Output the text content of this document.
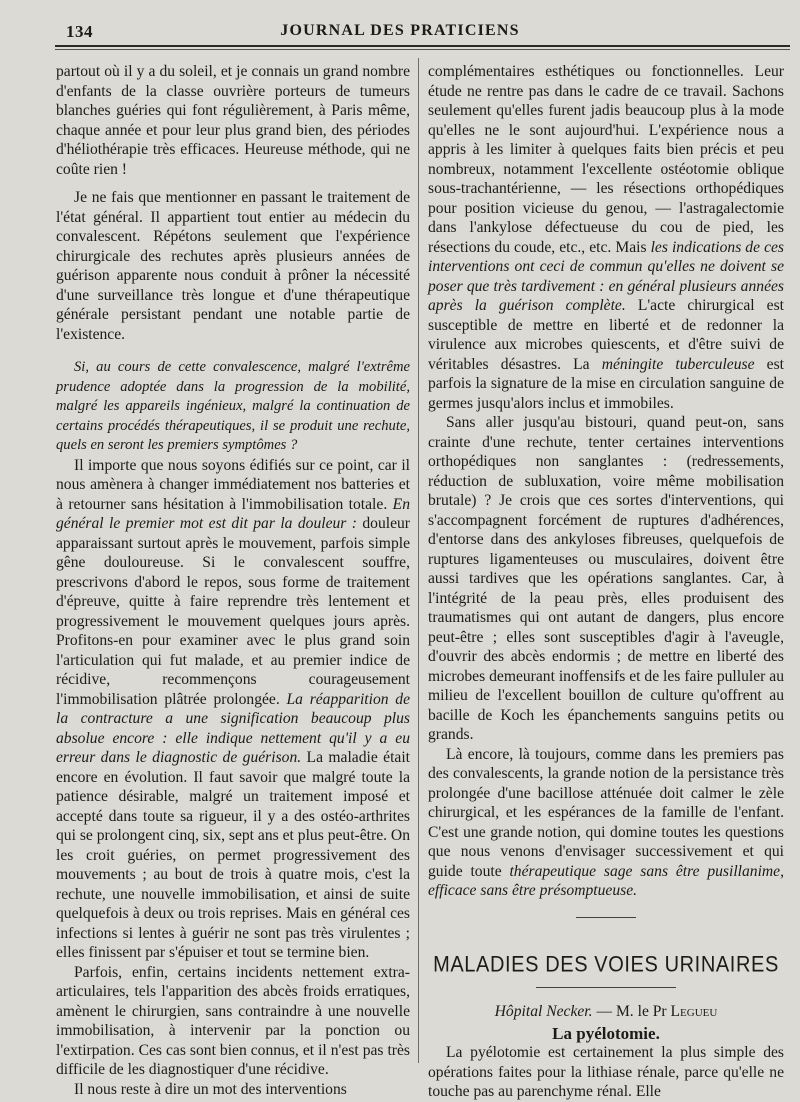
134	JOURNAL DES PRATICIENS

partout où il y a du soleil, et je connais un grand nombre d'enfants de la classe ouvrière porteurs de tumeurs blanches guéries qui font régulièrement, à Paris même, chaque année et pour leur plus grand bien, des périodes d'héliothérapie très efficaces. Heureuse méthode, qui ne coûte rien !

Je ne fais que mentionner en passant le traitement de l'état général. Il appartient tout entier au médecin du convalescent. Répétons seulement que l'expérience chirurgicale des rechutes après plusieurs années de guérison apparente nous conduit à prôner la nécessité d'une surveillance très longue et d'une thérapeutique générale persistant pendant une notable partie de l'existence.

Si, au cours de cette convalescence, malgré l'extrême prudence adoptée dans la progression de la mobilité, malgré les appareils ingénieux, malgré la continuation de certains procédés thérapeutiques, il se produit une rechute, quels en seront les premiers symptômes ?

Il importe que nous soyons édifiés sur ce point, car il nous amènera à changer immédiatement nos batteries et à retourner sans hésitation à l'immobilisation totale. En général le premier mot est dit par la douleur : douleur apparaissant surtout après le mouvement, parfois simple gêne douloureuse. Si le convalescent souffre, prescrivons d'abord le repos, sous forme de traitement d'épreuve, quitte à faire reprendre très lentement et progressivement le mouvement quelques jours après. Profitons-en pour examiner avec le plus grand soin l'articulation qui fut malade, et au premier indice de récidive, recommençons courageusement l'immobilisation plâtrée prolongée. La réapparition de la contracture a une signification beaucoup plus absolue encore : elle indique nettement qu'il y a eu erreur dans le diagnostic de guérison. La maladie était encore en évolution. Il faut savoir que malgré toute la patience désirable, malgré un traitement imposé et accepté dans toute sa rigueur, il y a des ostéo-arthrites qui se prolongent cinq, six, sept ans et plus peut-être. On les croit guéries, on permet progressivement des mouvements ; au bout de trois à quatre mois, c'est la rechute, une nouvelle immobilisation, et ainsi de suite quelquefois à deux ou trois reprises. Mais en général ces infections si lentes à guérir ne sont pas très virulentes ; elles finissent par s'épuiser et tout se termine bien.

Parfois, enfin, certains incidents nettement extra-articulaires, tels l'apparition des abcès froids erratiques, amènent le chirurgien, sans contraindre à une nouvelle immobilisation, à intervenir par la ponction ou l'extirpation. Ces cas sont bien connus, et il n'est pas très difficile de les diagnostiquer d'une récidive.

Il nous reste à dire un mot des interventions

complémentaires esthétiques ou fonctionnelles. Leur étude ne rentre pas dans le cadre de ce travail. Sachons seulement qu'elles furent jadis beaucoup plus à la mode qu'elles ne le sont aujourd'hui. L'expérience nous a appris à les limiter à quelques faits bien précis et peu nombreux, notamment l'excellente ostéotomie oblique sous-trachantérienne, — les résections orthopédiques pour position vicieuse du genou, — l'astragalectomie dans l'ankylose défectueuse du cou de pied, les résections du coude, etc., etc. Mais les indications de ces interventions ont ceci de commun qu'elles ne doivent se poser que très tardivement : en général plusieurs années après la guérison complète. L'acte chirurgical est susceptible de mettre en liberté et de redonner la virulence aux microbes quiescents, et d'être suivi de véritables désastres. La méningite tuberculeuse est parfois la signature de la mise en circulation sanguine de germes jusqu'alors inclus et immobiles.

Sans aller jusqu'au bistouri, quand peut-on, sans crainte d'une rechute, tenter certaines interventions orthopédiques non sanglantes : (redressements, réduction de subluxation, voire même mobilisation brutale) ? Je crois que ces sortes d'interventions, qui s'accompagnent forcément de ruptures d'adhérences, d'entorse dans des ankyloses fibreuses, quelquefois de ruptures ligamenteuses ou musculaires, doivent être aussi tardives que les opérations sanglantes. Car, à l'intégrité de la peau près, elles produisent des traumatismes qui ont autant de dangers, plus encore peut-être ; elles sont susceptibles d'agir à l'aveugle, d'ouvrir des abcès endormis ; de mettre en liberté des microbes demeurant inoffensifs et de les faire pulluler au milieu de l'excellent bouillon de culture qu'offrent au bacille de Koch les épanchements sanguins petits ou grands.

Là encore, là toujours, comme dans les premiers pas des convalescents, la grande notion de la persistance très prolongée d'une bacillose atténuée doit calmer le zèle chirurgical, et les espérances de la famille de l'enfant. C'est une grande notion, qui domine toutes les questions que nous venons d'envisager successivement et qui guide toute thérapeutique sage sans être pusillanime, efficace sans être présomptueuse.

MALADIES DES VOIES URINAIRES
Hôpital Necker. — M. le Pr Legueu
La pyélotomie.

La pyélotomie est certainement la plus simple des opérations faites pour la lithiase rénale, parce qu'elle ne touche pas au parenchyme rénal. Elle
